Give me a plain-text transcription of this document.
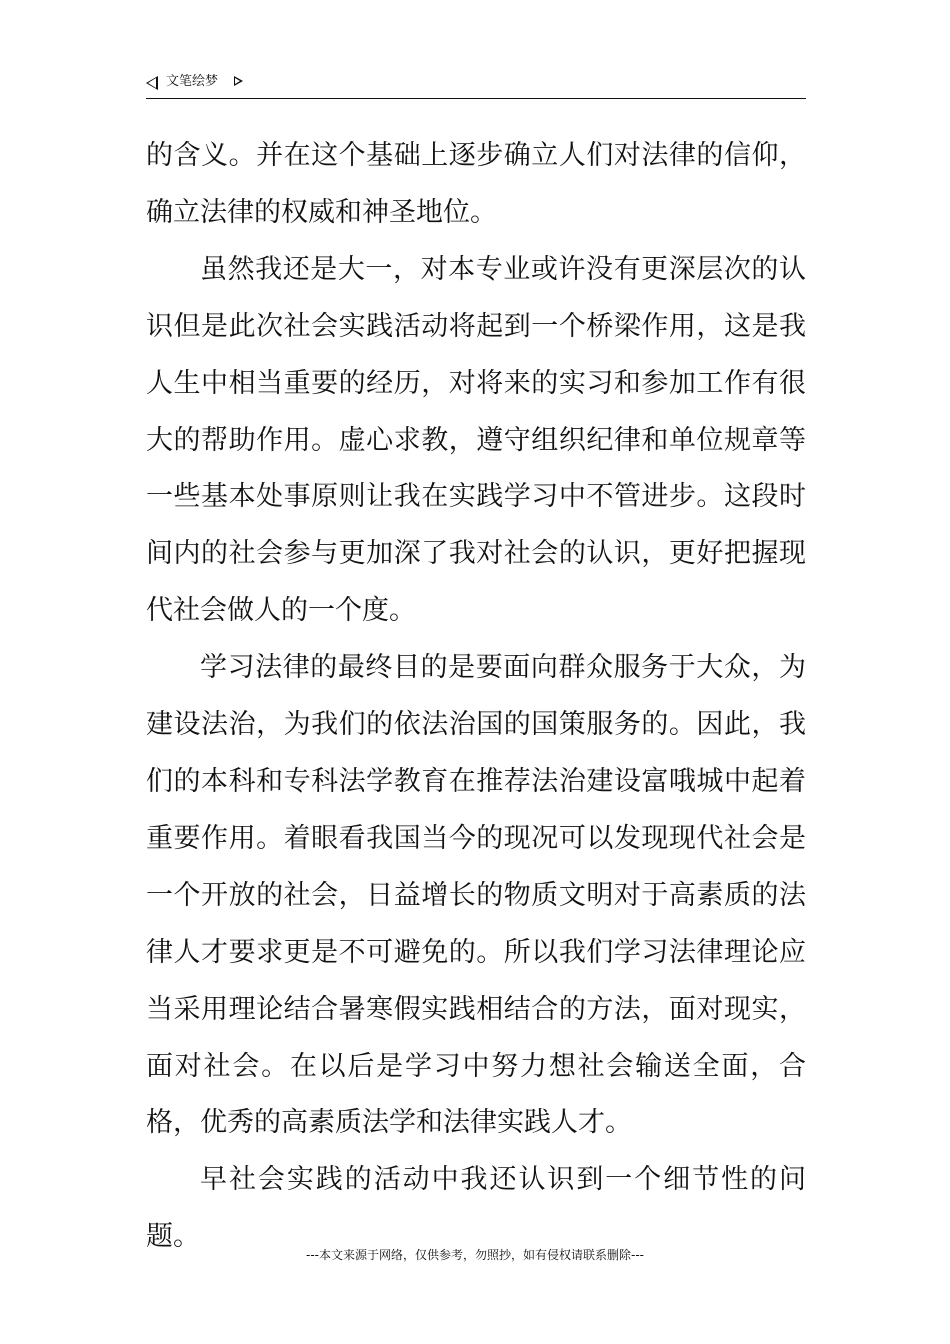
文笔绘梦

的含义。并在这个基础上逐步确立人们对法律的信仰，确立法律的权威和神圣地位。

虽然我还是大一，对本专业或许没有更深层次的认识但是此次社会实践活动将起到一个桥梁作用，这是我人生中相当重要的经历，对将来的实习和参加工作有很大的帮助作用。虚心求教，遵守组织纪律和单位规章等一些基本处事原则让我在实践学习中不管进步。这段时间内的社会参与更加深了我对社会的认识，更好把握现代社会做人的一个度。

学习法律的最终目的是要面向群众服务于大众，为建设法治，为我们的依法治国的国策服务的。因此，我们的本科和专科法学教育在推荐法治建设富哦城中起着重要作用。着眼看我国当今的现况可以发现现代社会是一个开放的社会，日益增长的物质文明对于高素质的法律人才要求更是不可避免的。所以我们学习法律理论应当采用理论结合暑寒假实践相结合的方法，面对现实，面对社会。在以后是学习中努力想社会输送全面，合格，优秀的高素质法学和法律实践人才。

早社会实践的活动中我还认识到一个细节性的问题。

---本文来源于网络，仅供参考，勿照抄，如有侵权请联系删除---
